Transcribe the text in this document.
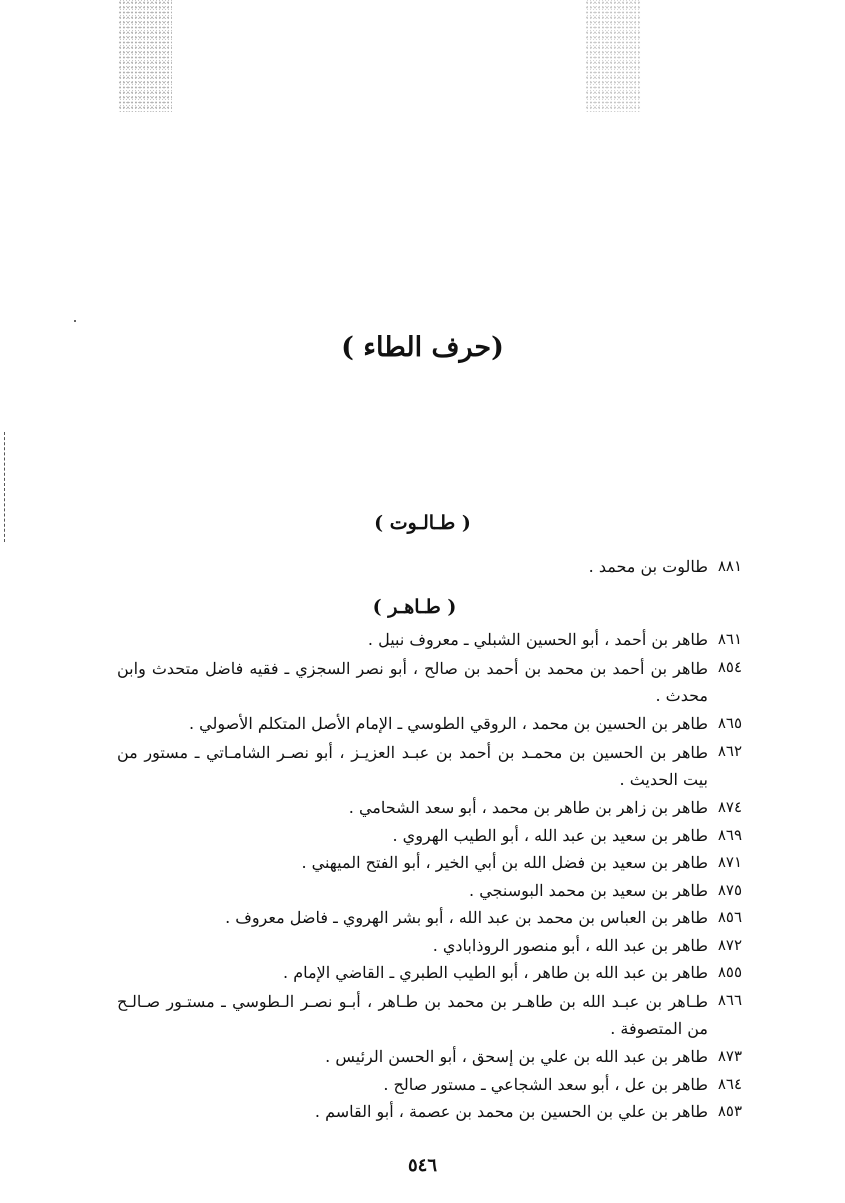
(حرف الطاء )
( طـالـوت )
٨٨١
طالوت بن محمد .
( طـاهـر )
٨٦١
طاهر بن أحمد ، أبو الحسين الشبلي ـ معروف نبيل .
٨٥٤
طاهر بن أحمد بن محمد بن أحمد بن صالح ، أبو نصر السجزي ـ فقيه فاضل متحدث وابن محدث .
٨٦٥
طاهر بن الحسين بن محمد ، الروقي الطوسي ـ الإمام الأصل المتكلم الأصولي .
٨٦٢
طاهر بن الحسين بن محمـد بن أحمد بن عبـد العزيـز ، أبو نصـر الشامـاتي ـ مستور من بيت الحديث .
٨٧٤
طاهر بن زاهر بن طاهر بن محمد ، أبو سعد الشحامي .
٨٦٩
طاهر بن سعيد بن عبد الله ، أبو الطيب الهروي .
٨٧١
طاهر بن سعيد بن فضل الله بن أبي الخير ، أبو الفتح الميهني .
٨٧٥
طاهر بن سعيد بن محمد البوسنجي .
٨٥٦
طاهر بن العباس بن محمد بن عبد الله ، أبو بشر الهروي ـ فاضل معروف .
٨٧٢
طاهر بن عبد الله ، أبو منصور الروذابادي .
٨٥٥
طاهر بن عبد الله بن طاهر ، أبو الطيب الطبري ـ القاضي الإمام .
٨٦٦
طـاهر بن عبـد الله بن طاهـر بن محمد بن طـاهر ، أبـو نصـر الـطوسي ـ مستـور صـالـح من المتصوفة .
٨٧٣
طاهر بن عبد الله بن علي بن إسحق ، أبو الحسن الرئيس .
٨٦٤
طاهر بن عل ، أبو سعد الشجاعي ـ مستور صالح .
٨٥٣
طاهر بن علي بن الحسين بن محمد بن عصمة ، أبو القاسم .
٥٤٦
